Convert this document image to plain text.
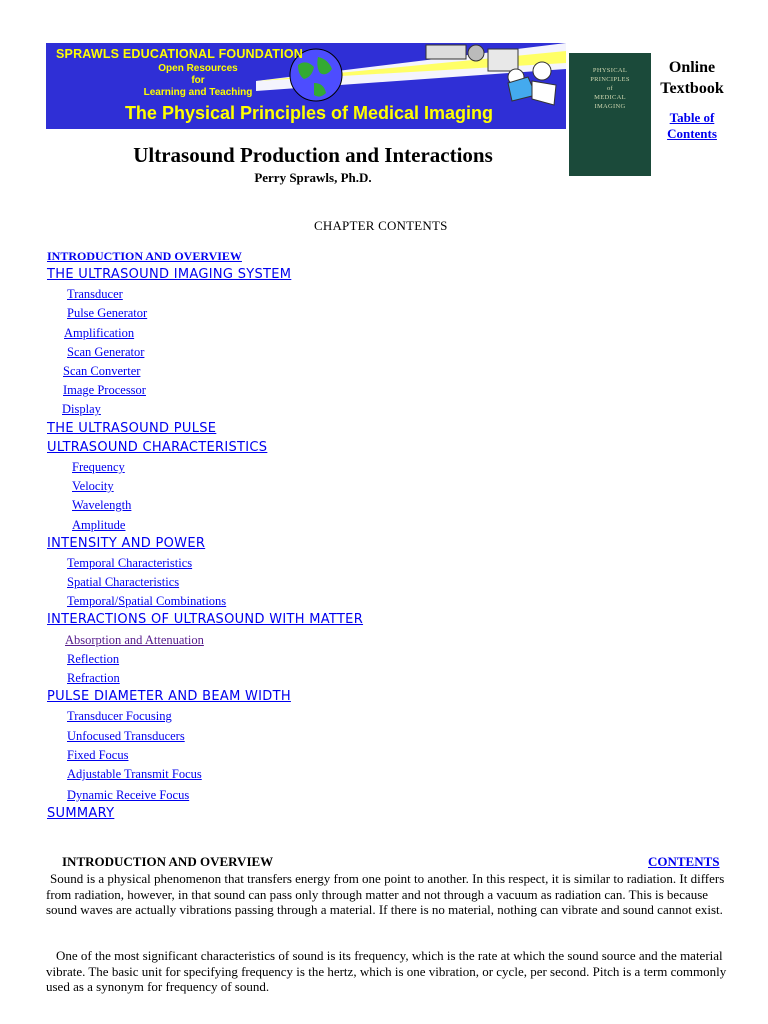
SPRAWLS EDUCATIONAL FOUNDATION
Open Resources
for
Learning and Teaching
The Physical Principles of Medical Imaging
PHYSICAL
PRINCIPLES
of
MEDICAL
IMAGING
Online
Textbook
Table of
Contents
Ultrasound Production and Interactions
Perry Sprawls, Ph.D.
CHAPTER CONTENTS
INTRODUCTION AND OVERVIEW
THE ULTRASOUND IMAGING SYSTEM
Transducer
Pulse Generator
Amplification
Scan Generator
Scan Converter
Image Processor
Display
THE ULTRASOUND PULSE
ULTRASOUND CHARACTERISTICS
Frequency
Velocity
Wavelength
Amplitude
INTENSITY AND POWER
Temporal Characteristics
Spatial Characteristics
Temporal/Spatial Combinations
INTERACTIONS OF ULTRASOUND WITH MATTER
Absorption and Attenuation
Reflection
Refraction
PULSE DIAMETER AND BEAM WIDTH
Transducer Focusing
Unfocused Transducers
Fixed Focus
Adjustable Transmit Focus
Dynamic Receive Focus
SUMMARY
INTRODUCTION AND OVERVIEW	CONTENTS

Sound is a physical phenomenon that transfers energy from one point to another. In this respect, it is similar to radiation. It differs from radiation, however, in that sound can pass only through matter and not through a vacuum as radiation can. This is because sound waves are actually vibrations passing through a material. If there is no material, nothing can vibrate and sound cannot exist.

One of the most significant characteristics of sound is its frequency, which is the rate at which the sound source and the material vibrate. The basic unit for specifying frequency is the hertz, which is one vibration, or cycle, per second. Pitch is a term commonly used as a synonym for frequency of sound.
